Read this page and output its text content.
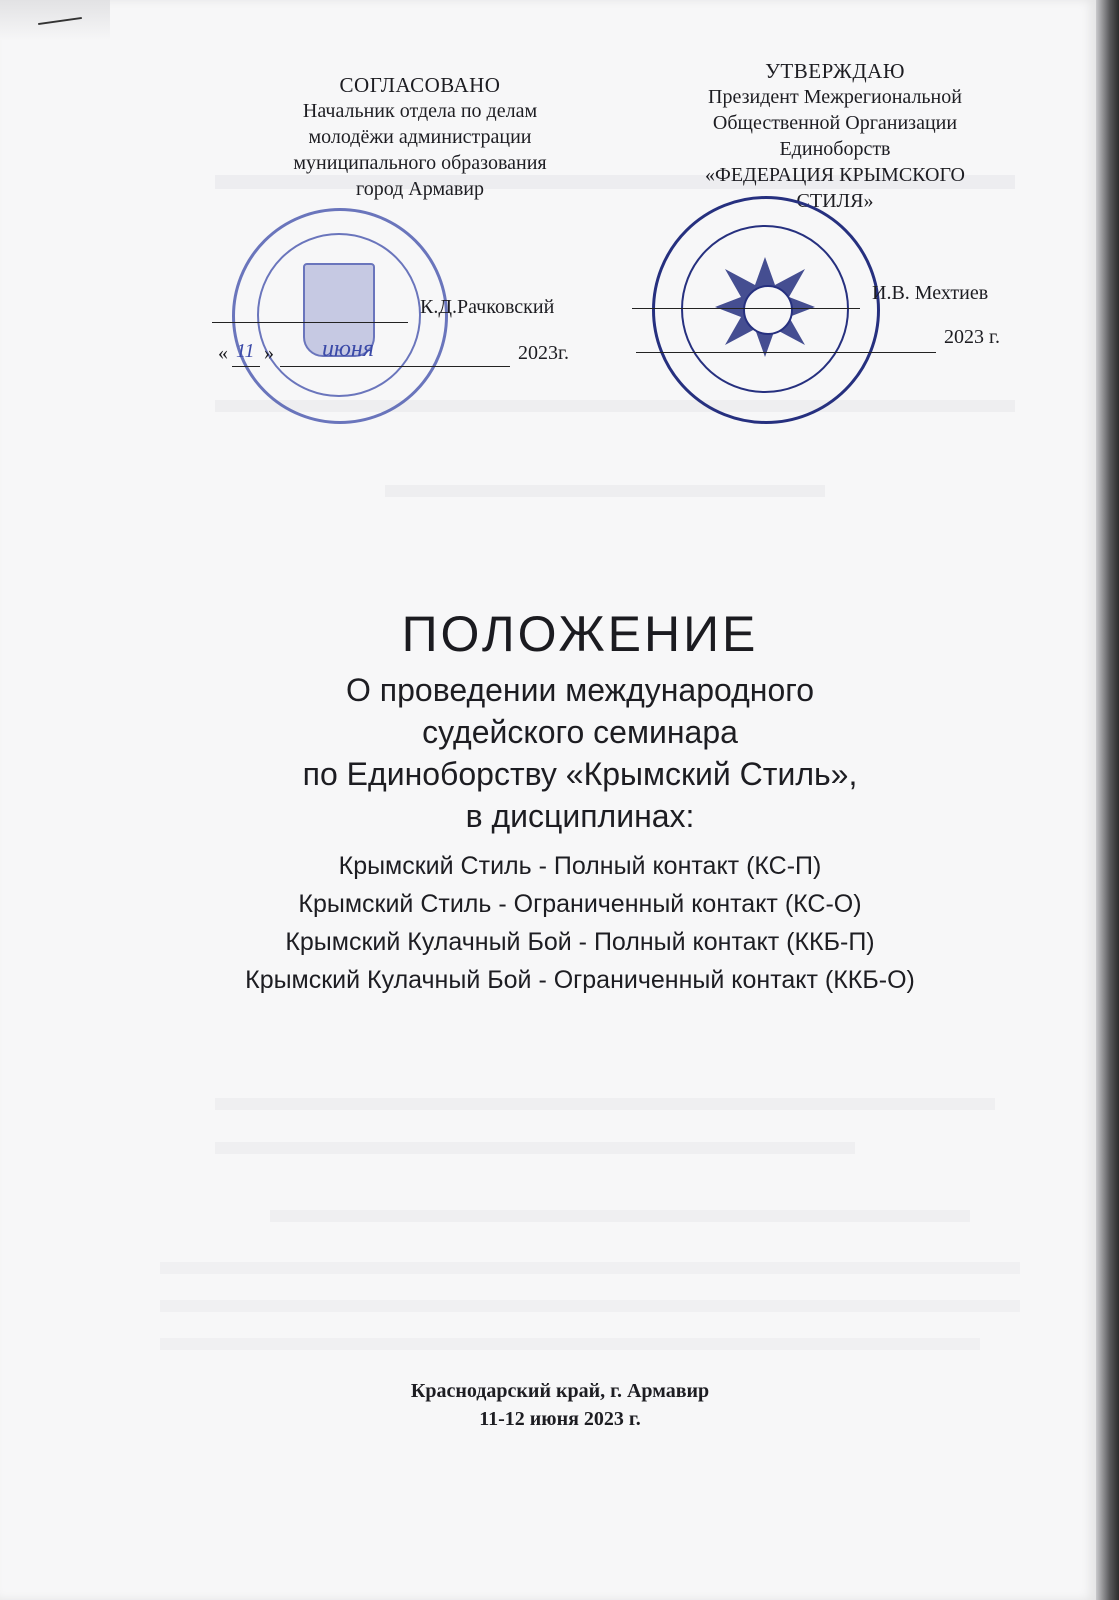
СОГЛАСОВАНО
Начальник отдела по делам
молодёжи администрации
муниципального образования
город Армавир
К.Д.Рачковский
« 11 » июня	2023г.
УТВЕРЖДАЮ
Президент Межрегиональной
Общественной Организации
Единоборств
«ФЕДЕРАЦИЯ КРЫМСКОГО
СТИЛЯ»
И.В. Мехтиев
2023 г.
ПОЛОЖЕНИЕ
О проведении международного
судейского семинара
по Единоборству «Крымский Стиль»,
в дисциплинах:
Крымский Стиль - Полный контакт (КС-П)
Крымский Стиль - Ограниченный контакт (КС-О)
Крымский Кулачный Бой - Полный контакт (ККБ-П)
Крымский Кулачный Бой - Ограниченный контакт (ККБ-О)
Краснодарский край, г. Армавир
11-12 июня 2023 г.
